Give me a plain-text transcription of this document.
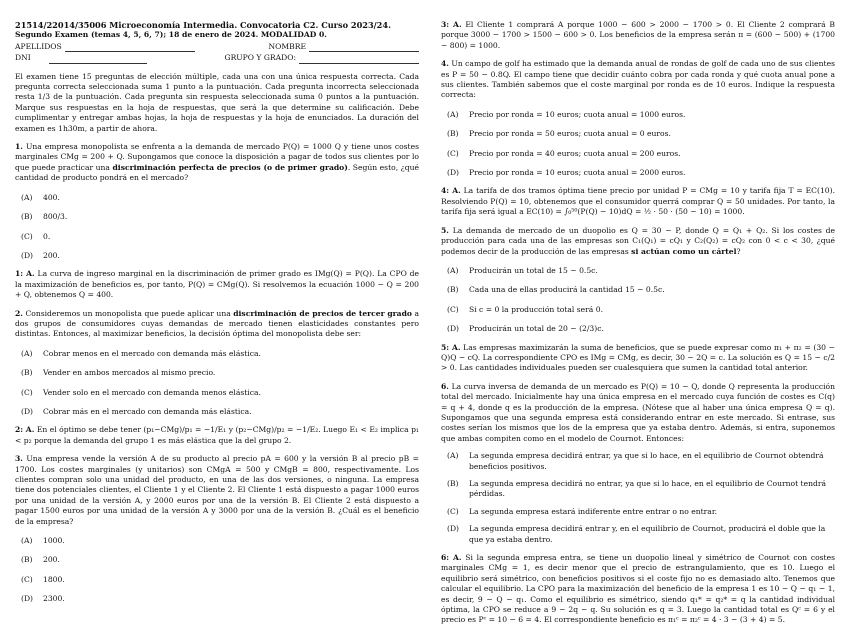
21514/22014/35006 Microeconomía Intermedia. Convocatoria C2. Curso 2023/24.
Segundo Examen (temas 4, 5, 6, 7); 18 de enero de 2024. MODALIDAD 0.
APELLIDOS	NOMBRE
DNI	GRUPO Y GRADO:

El examen tiene 15 preguntas de elección múltiple, cada una con una única respuesta correcta. Cada pregunta correcta seleccionada suma 1 punto a la puntuación. Cada pregunta incorrecta seleccionada resta 1/3 de la puntuación. Cada pregunta sin respuesta seleccionada suma 0 puntos a la puntuación. Marque sus respuestas en la hoja de respuestas, que será la que determine su calificación. Debe cumplimentar y entregar ambas hojas, la hoja de respuestas y la hoja de enunciados. La duración del examen es 1h30m, a partir de ahora.

1. Una empresa monopolista se enfrenta a la demanda de mercado P(Q) = 1000 Q y tiene unos costes marginales CMg = 200 + Q. Supongamos que conoce la disposición a pagar de todos sus clientes por lo que puede practicar una discriminación perfecta de precios (o de primer grado). Según esto, ¿qué cantidad de producto pondrá en el mercado?

(A) 400.
(B) 800/3.
(C) 0.
(D) 200.

1: A. La curva de ingreso marginal en la discriminación de primer grado es IMg(Q) = P(Q). La CPO de la maximización de beneficios es, por tanto, P(Q) = CMg(Q). Si resolvemos la ecuación 1000 − Q = 200 + Q, obtenemos Q = 400.

2. Consideremos un monopolista que puede aplicar una discriminación de precios de tercer grado a dos grupos de consumidores cuyas demandas de mercado tienen elasticidades constantes pero distintas. Entonces, al maximizar beneficios, la decisión óptima del monopolista debe ser:

(A) Cobrar menos en el mercado con demanda más elástica.
(B) Vender en ambos mercados al mismo precio.
(C) Vender solo en el mercado con demanda menos elástica.
(D) Cobrar más en el mercado con demanda más elástica.

2: A. En el óptimo se debe tener (p₁−CMg)/p₁ = −1/E₁ y (p₂−CMg)/p₂ = −1/E₂. Luego E₁ < E₂ implica p₁ < p₂ porque la demanda del grupo 1 es más elástica que la del grupo 2.

3. Una empresa vende la versión A de su producto al precio pA = 600 y la versión B al precio pB = 1700. Los costes marginales (y unitarios) son CMgA = 500 y CMgB = 800, respectivamente. Los clientes compran solo una unidad del producto, en una de las dos versiones, o ninguna. La empresa tiene dos potenciales clientes, el Cliente 1 y el Cliente 2. El Cliente 1 está dispuesto a pagar 1000 euros por una unidad de la versión A, y 2000 euros por una de la versión B. El Cliente 2 está dispuesto a pagar 1500 euros por una unidad de la versión A y 3000 por una de la versión B. ¿Cuál es el beneficio de la empresa?

(A) 1000.
(B) 200.
(C) 1800.
(D) 2300.

3: A. El Cliente 1 comprará A porque 1000 − 600 > 2000 − 1700 > 0. El Cliente 2 comprará B porque 3000 − 1700 > 1500 − 600 > 0. Los beneficios de la empresa serán π = (600 − 500) + (1700 − 800) = 1000.

4. Un campo de golf ha estimado que la demanda anual de rondas de golf de cada uno de sus clientes es P = 50 − 0.8Q. El campo tiene que decidir cuánto cobra por cada ronda y qué cuota anual pone a sus clientes. También sabemos que el coste marginal por ronda es de 10 euros. Indique la respuesta correcta:

(A) Precio por ronda = 10 euros; cuota anual = 1000 euros.
(B) Precio por ronda = 50 euros; cuota anual = 0 euros.
(C) Precio por ronda = 40 euros; cuota anual = 200 euros.
(D) Precio por ronda = 10 euros; cuota anual = 2000 euros.

4: A. La tarifa de dos tramos óptima tiene precio por unidad P = CMg = 10 y tarifa fija T = EC(10). Resolviendo P(Q) = 10, obtenemos que el consumidor querrá comprar Q = 50 unidades. Por tanto, la tarifa fija será igual a EC(10) = ∫₀⁵⁰(P(Q) − 10)dQ = ½ · 50 · (50 − 10) = 1000.

5. La demanda de mercado de un duopolio es Q = 30 − P, donde Q = Q₁ + Q₂. Si los costes de producción para cada una de las empresas son C₁(Q₁) = cQ₁ y C₂(Q₂) = cQ₂ con 0 < c < 30, ¿qué podemos decir de la producción de las empresas si actúan como un cártel?

(A) Producirán un total de 15 − 0.5c.
(B) Cada una de ellas producirá la cantidad 15 − 0.5c.
(C) Si c = 0 la producción total será 0.
(D) Producirán un total de 20 − (2/3)c.

5: A. Las empresas maximizarán la suma de beneficios, que se puede expresar como π₁ + π₂ = (30 − Q)Q − cQ. La correspondiente CPO es IMg = CMg, es decir, 30 − 2Q = c. La solución es Q = 15 − c/2 > 0. Las cantidades individuales pueden ser cualesquiera que sumen la cantidad total anterior.

6. La curva inversa de demanda de un mercado es P(Q) = 10 − Q, donde Q representa la producción total del mercado. Inicialmente hay una única empresa en el mercado cuya función de costes es C(q) = q + 4, donde q es la producción de la empresa. (Nótese que al haber una única empresa Q = q). Supongamos que una segunda empresa está considerando entrar en este mercado. Si entrase, sus costes serían los mismos que los de la empresa que ya estaba dentro. Además, si entra, suponemos que ambas compiten como en el modelo de Cournot. Entonces:

(A)	La segunda empresa decidirá entrar, ya que si lo hace, en el equilibrio de Cournot obtendrá beneficios positivos.
(B)	La segunda empresa decidirá no entrar, ya que si lo hace, en el equilibrio de Cournot tendrá pérdidas.
(C)	La segunda empresa estará indiferente entre entrar o no entrar.
(D)	La segunda empresa decidirá entrar y, en el equilibrio de Cournot, producirá el doble que la que ya estaba dentro.

6: A. Si la segunda empresa entra, se tiene un duopolio lineal y simétrico de Cournot con costes marginales CMg = 1, es decir menor que el precio de estrangulamiento, que es 10. Luego el equilibrio será simétrico, con beneficios positivos si el coste fijo no es demasiado alto. Tenemos que calcular el equilibrio. La CPO para la maximización del beneficio de la empresa 1 es 10 − Q − q₁ − 1, es decir, 9 − Q − q₁. Como el equilibrio es simétrico, siendo q₁* = q₂* = q la cantidad individual óptima, la CPO se reduce a 9 − 2q − q. Su solución es q = 3. Luego la cantidad total es Qᶜ = 6 y el precio es Pᶜ = 10 − 6 = 4. El correspondiente beneficio es π₁ᶜ = π₂ᶜ = 4 · 3 − (3 + 4) = 5.
